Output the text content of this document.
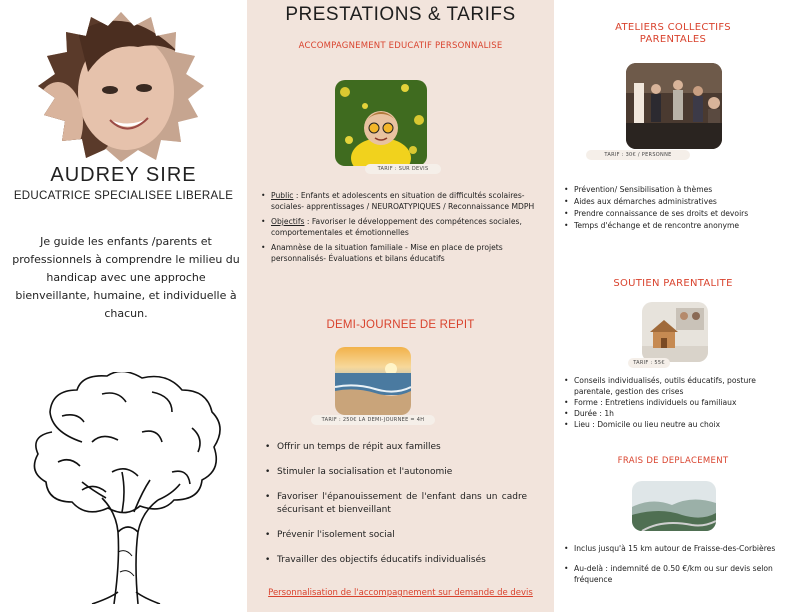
AUDREY SIRE
EDUCATRICE SPECIALISEE LIBERALE
Je guide les enfants /parents et professionnels à comprendre le milieu du handicap avec une approche bienveillante, humaine, et individuelle à chacun.
PRESTATIONS & TARIFS
ACCOMPAGNEMENT EDUCATIF PERSONNALISE
TARIF : SUR DEVIS
• Public : Enfants et adolescents en situation de difficultés scolaires- sociales- apprentissages / NEUROATYPIQUES / Reconnaissance MDPH
• Objectifs : Favoriser le développement des compétences sociales, comportementales et émotionnelles
• Anamnèse de la situation familiale - Mise en place de projets personnalisés- Évaluations et bilans éducatifs
DEMI-JOURNEE DE REPIT
TARIF : 250€ LA DEMI-JOURNEE = 4H
• Offrir un temps de répit aux familles
• Stimuler la socialisation et l'autonomie
• Favoriser l'épanouissement de l'enfant dans un cadre sécurisant et bienveillant
• Prévenir l'isolement social
• Travailler des objectifs éducatifs individualisés
Personnalisation de l'accompagnement sur demande de devis
ATELIERS COLLECTIFS
PARENTALES
TARIF : 30€ / PERSONNE
• Prévention/ Sensibilisation à thèmes
• Aides aux démarches administratives
• Prendre connaissance de ses droits et devoirs
• Temps d'échange et de rencontre anonyme
SOUTIEN PARENTALITE
TARIF : 55€
• Conseils individualisés, outils éducatifs, posture parentale, gestion des crises
• Forme : Entretiens individuels ou familiaux
• Durée : 1h
• Lieu : Domicile ou lieu neutre au choix
FRAIS DE DEPLACEMENT
• Inclus jusqu'à 15 km autour de Fraisse-des-Corbières
• Au-delà : indemnité de 0.50 €/km ou sur devis selon fréquence
